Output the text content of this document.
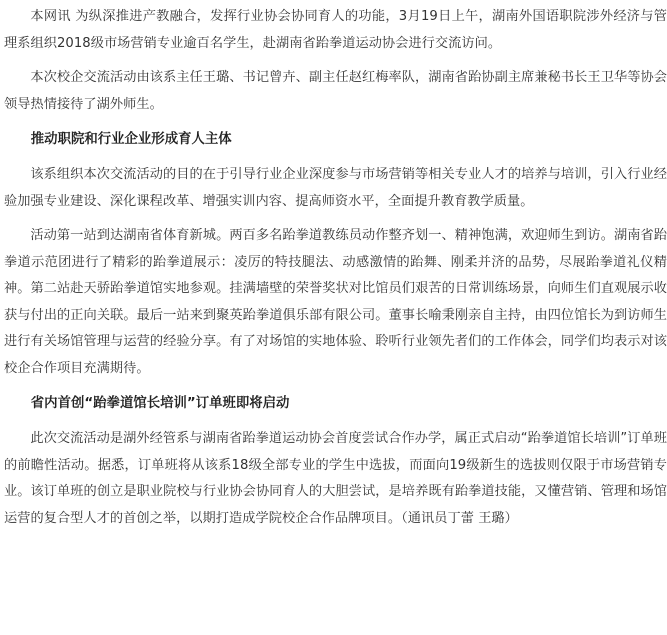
本网讯 为纵深推进产教融合，发挥行业协会协同育人的功能，3月19日上午，湖南外国语职院涉外经济与管理系组织2018级市场营销专业逾百名学生，赴湖南省跆拳道运动协会进行交流访问。

本次校企交流活动由该系主任王璐、书记曾卉、副主任赵红梅率队，湖南省跆协副主席兼秘书长王卫华等协会领导热情接待了湖外师生。

推动职院和行业企业形成育人主体

该系组织本次交流活动的目的在于引导行业企业深度参与市场营销等相关专业人才的培养与培训，引入行业经验加强专业建设、深化课程改革、增强实训内容、提高师资水平，全面提升教育教学质量。

活动第一站到达湖南省体育新城。两百多名跆拳道教练员动作整齐划一、精神饱满，欢迎师生到访。湖南省跆拳道示范团进行了精彩的跆拳道展示：凌厉的特技腿法、动感激情的跆舞、刚柔并济的品势，尽展跆拳道礼仪精神。第二站赴天骄跆拳道馆实地参观。挂满墙壁的荣誉奖状对比馆员们艰苦的日常训练场景，向师生们直观展示收获与付出的正向关联。最后一站来到聚英跆拳道俱乐部有限公司。董事长喻秉刚亲自主持，由四位馆长为到访师生进行有关场馆管理与运营的经验分享。有了对场馆的实地体验、聆听行业领先者们的工作体会，同学们均表示对该校企合作项目充满期待。

省内首创“跆拳道馆长培训”订单班即将启动

此次交流活动是湖外经管系与湖南省跆拳道运动协会首度尝试合作办学，属正式启动“跆拳道馆长培训”订单班的前瞻性活动。据悉，订单班将从该系18级全部专业的学生中选拔，而面向19级新生的选拔则仅限于市场营销专业。该订单班的创立是职业院校与行业协会协同育人的大胆尝试，是培养既有跆拳道技能，又懂营销、管理和场馆运营的复合型人才的首创之举，以期打造成学院校企合作品牌项目。（通讯员丁蕾 王璐）
